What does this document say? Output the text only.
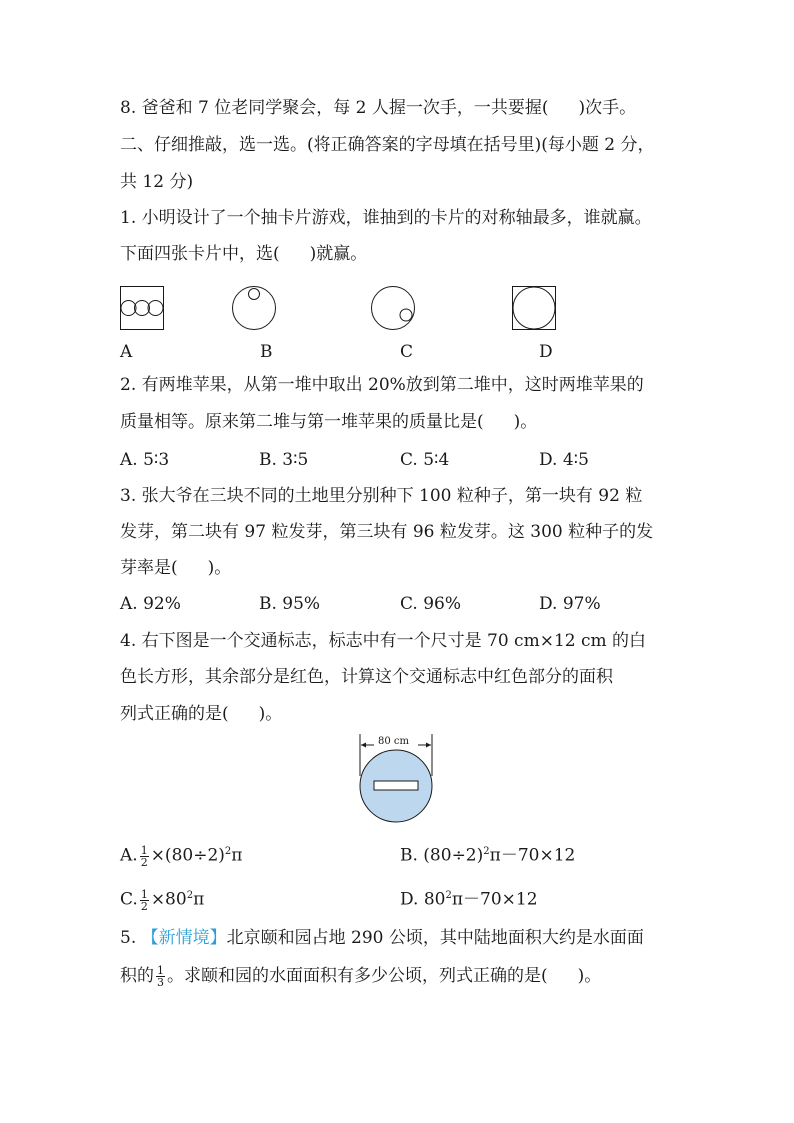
8. 爸爸和 7 位老同学聚会，每 2 人握一次手，一共要握( )次手。
二、仔细推敲，选一选。(将正确答案的字母填在括号里)(每小题 2 分，
共 12 分)
1. 小明设计了一个抽卡片游戏，谁抽到的卡片的对称轴最多，谁就赢。
下面四张卡片中，选( )就赢。
A	B	C	D
2. 有两堆苹果，从第一堆中取出 20%放到第二堆中，这时两堆苹果的
质量相等。原来第二堆与第一堆苹果的质量比是( )。
A. 5∶3	B. 3∶5	C. 5∶4	D. 4∶5
3. 张大爷在三块不同的土地里分别种下 100 粒种子，第一块有 92 粒
发芽，第二块有 97 粒发芽，第三块有 96 粒发芽。这 300 粒种子的发
芽率是( )。
A. 92%	B. 95%	C. 96%	D. 97%
4. 右下图是一个交通标志，标志中有一个尺寸是 70 cm×12 cm 的白
色长方形，其余部分是红色，计算这个交通标志中红色部分的面积
列式正确的是( )。
80 cm
A. $\frac{1}{2} \times(80\div 2)^2\pi$	B. $(80\div 2)^2\pi-70\times 12$
C. $\frac{1}{2} \times 80^2\pi$	D. $80^2\pi-70\times 12$
5. 【新情境】北京颐和园占地 290 公顷，其中陆地面积大约是水面面
积的 $\frac{1}{3}$ 。求颐和园的水面面积有多少公顷，列式正确的是( )。
